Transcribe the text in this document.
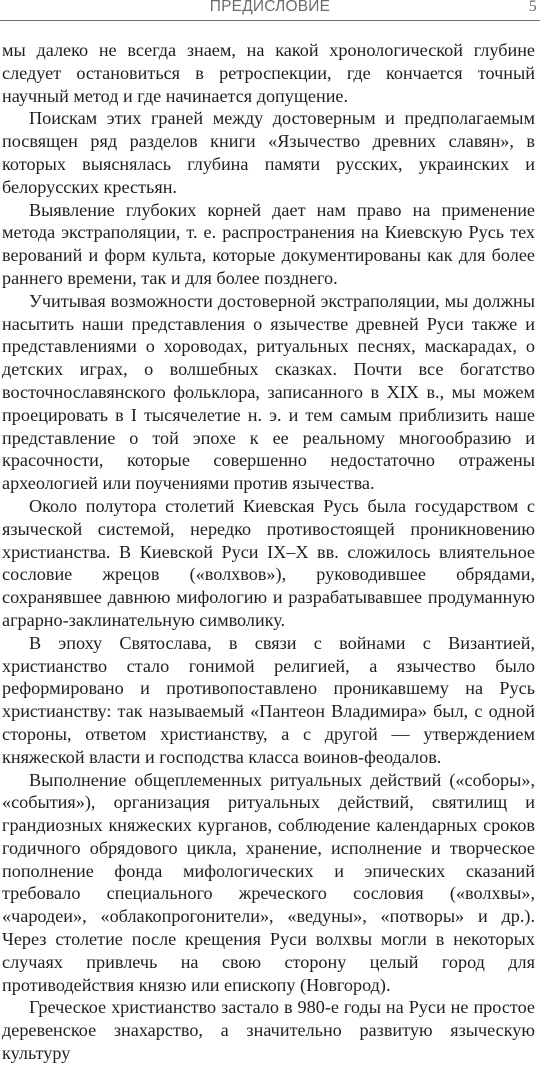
ПРЕДИСЛОВИЕ	5

мы далеко не всегда знаем, на какой хронологической глубине следует остановиться в ретроспекции, где кончается точный научный метод и где начинается допущение.

Поискам этих граней между достоверным и предполагаемым посвящен ряд разделов книги «Язычество древних славян», в которых выяснялась глубина памяти русских, украинских и белорусских крестьян.

Выявление глубоких корней дает нам право на применение метода экстраполяции, т. е. распространения на Киевскую Русь тех верований и форм культа, которые документированы как для более раннего времени, так и для более позднего.

Учитывая возможности достоверной экстраполяции, мы должны насытить наши представления о язычестве древней Руси также и представлениями о хороводах, ритуальных песнях, маскарадах, о детских играх, о волшебных сказках. Почти все богатство восточнославянского фольклора, записанного в XIX в., мы можем проецировать в I тысячелетие н. э. и тем самым приблизить наше представление о той эпохе к ее реальному многообразию и красочности, которые совершенно недостаточно отражены археологией или поучениями против язычества.

Около полутора столетий Киевская Русь была государством с языческой системой, нередко противостоящей проникновению христианства. В Киевской Руси IX–X вв. сложилось влиятельное сословие жрецов («волхвов»), руководившее обрядами, сохранявшее давнюю мифологию и разрабатывавшее продуманную аграрно-заклинательную символику.

В эпоху Святослава, в связи с войнами с Византией, христианство стало гонимой религией, а язычество было реформировано и противопоставлено проникавшему на Русь христианству: так называемый «Пантеон Владимира» был, с одной стороны, ответом христианству, а с другой — утверждением княжеской власти и господства класса воинов-феодалов.

Выполнение общеплеменных ритуальных действий («соборы», «события»), организация ритуальных действий, святилищ и грандиозных княжеских курганов, соблюдение календарных сроков годичного обрядового цикла, хранение, исполнение и творческое пополнение фонда мифологических и эпических сказаний требовало специального жреческого сословия («волхвы», «чародеи», «облакопрогонители», «ведуны», «потворы» и др.). Через столетие после крещения Руси волхвы могли в некоторых случаях привлечь на свою сторону целый город для противодействия князю или епископу (Новгород).

Греческое христианство застало в 980-е годы на Руси не простое деревенское знахарство, а значительно развитую языческую культуру
